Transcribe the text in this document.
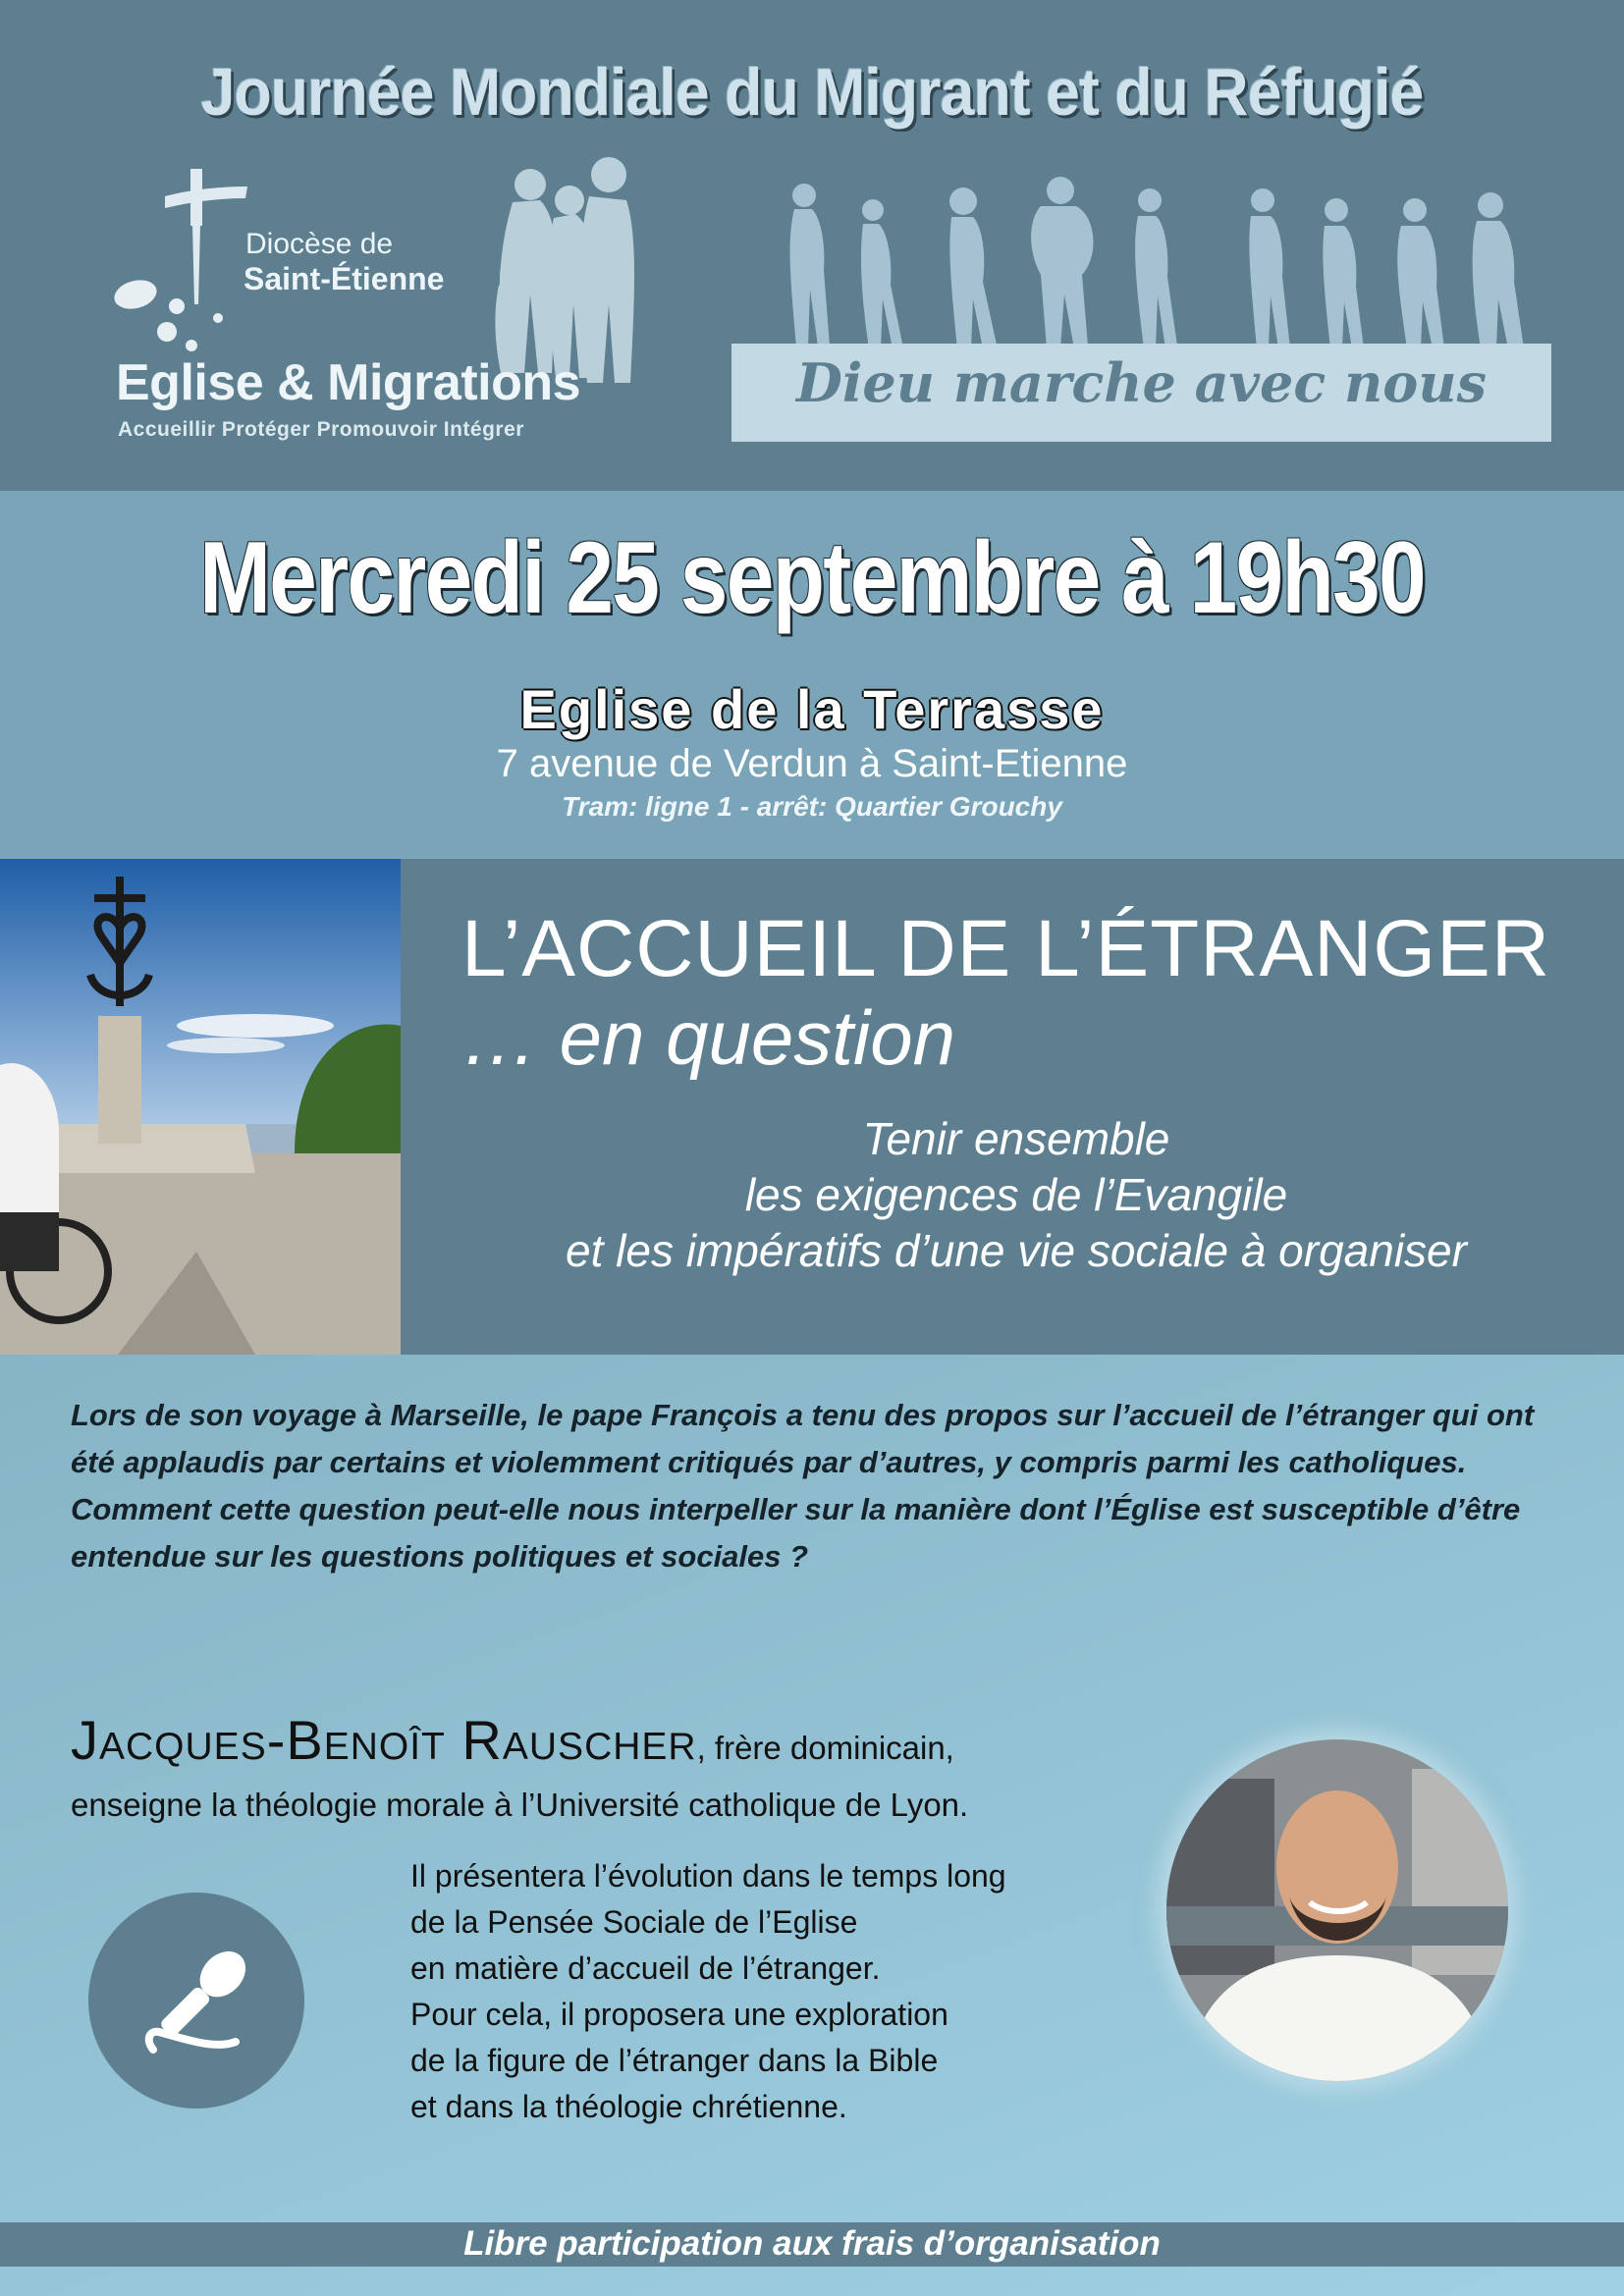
Journée Mondiale du Migrant et du Réfugié
Diocèse de
Saint-Étienne
Eglise & Migrations
Accueillir Protéger Promouvoir Intégrer
Dieu marche avec nous
Mercredi 25 septembre à 19h30
Eglise de la Terrasse
7 avenue de Verdun à Saint-Etienne
Tram: ligne 1 - arrêt: Quartier Grouchy
L’ACCUEIL DE L’ÉTRANGER
… en question
Tenir ensemble
les exigences de l’Evangile
et les impératifs d’une vie sociale à organiser

Lors de son voyage à Marseille, le pape François a tenu des propos sur l’accueil de l’étranger qui ont été applaudis par certains et violemment critiqués par d’autres, y compris parmi les catholiques.

Comment cette question peut-elle nous interpeller sur la manière dont l’Église est susceptible d’être entendue sur les questions politiques et sociales ?

Jacques-Benoît Rauscher, frère dominicain,
enseigne la théologie morale à l’Université catholique de Lyon.
Il présentera l’évolution dans le temps long
de la Pensée Sociale de l’Eglise
en matière d’accueil de l’étranger.
Pour cela, il proposera une exploration
de la figure de l’étranger dans la Bible
et dans la théologie chrétienne.
Libre participation aux frais d’organisation
